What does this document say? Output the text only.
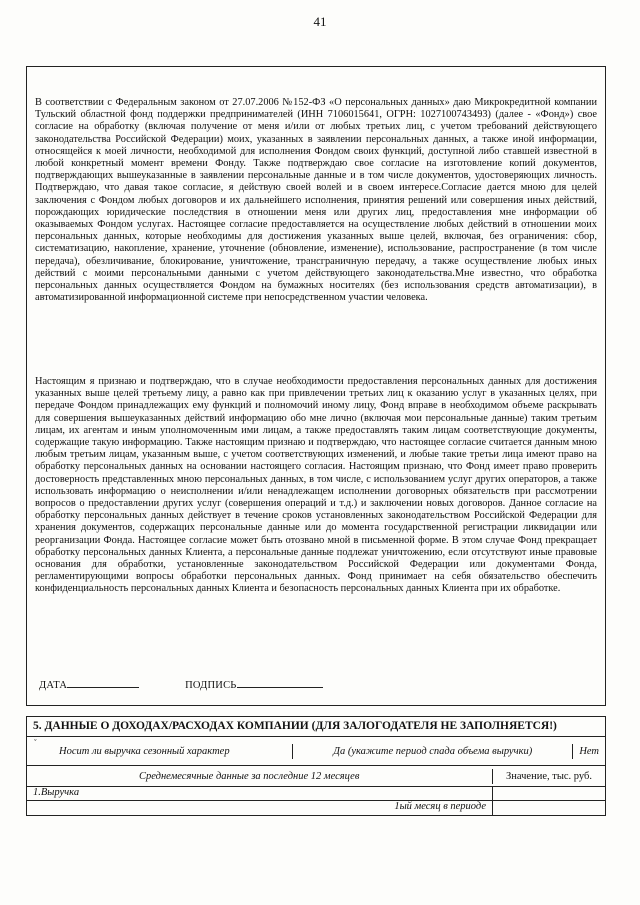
41

В соответствии с Федеральным законом от 27.07.2006 №152-ФЗ «О персональных данных» даю Микрокредитной компании Тульский областной фонд поддержки предпринимателей (ИНН 7106015641, ОГРН: 1027100743493) (далее - «Фонд») свое согласие на обработку (включая получение от меня и/или от любых третьих лиц, с учетом требований действующего законодательства Российской Федерации) моих, указанных в заявлении персональных данных, а также иной информации, относящейся к моей личности, необходимой для исполнения Фондом своих функций, доступной либо ставшей известной в любой конкретный момент времени Фонду. Также подтверждаю свое согласие на изготовление копий документов, подтверждающих вышеуказанные в заявлении персональные данные и в том числе документов, удостоверяющих личность. Подтверждаю, что давая такое согласие, я действую своей волей и в своем интересе.Согласие дается мною для целей заключения с Фондом любых договоров и их дальнейшего исполнения, принятия решений или совершения иных действий, порождающих юридические последствия в отношении меня или других лиц, предоставления мне информации об оказываемых Фондом услугах. Настоящее согласие предоставляется на осуществление любых действий в отношении моих персональных данных, которые необходимы для достижения указанных выше целей, включая, без ограничения: сбор, систематизацию, накопление, хранение, уточнение (обновление, изменение), использование, распространение (в том числе передача), обезличивание, блокирование, уничтожение, трансграничную передачу, а также осуществление любых иных действий с моими персональными данными с учетом действующего законодательства.Мне известно, что обработка персональных данных осуществляется Фондом на бумажных носителях (без использования средств автоматизации), в автоматизированной информационной системе при непосредственном участии человека.

Настоящим я признаю и подтверждаю, что в случае необходимости предоставления персональных данных для достижения указанных выше целей третьему лицу, а равно как при привлечении третьих лиц к оказанию услуг в указанных целях, при передаче Фондом принадлежащих ему функций и полномочий иному лицу, Фонд вправе в необходимом объеме раскрывать для совершения вышеуказанных действий информацию обо мне лично (включая мои персональные данные) таким третьим лицам, их агентам и иным уполномоченным ими лицам, а также предоставлять таким лицам соответствующие документы, содержащие такую информацию. Также настоящим признаю и подтверждаю, что настоящее согласие считается данным мною любым третьим лицам, указанным выше, с учетом соответствующих изменений, и любые такие третьи лица имеют право на обработку персональных данных на основании настоящего согласия. Настоящим признаю, что Фонд имеет право проверить достоверность представленных мною персональных данных, в том числе, с использованием услуг других операторов, а также использовать информацию о неисполнении и/или ненадлежащем исполнении договорных обязательств при рассмотрении вопросов о предоставлении других услуг (совершения операций и т.д.) и заключении новых договоров. Данное согласие на обработку персональных данных действует в течение сроков установленных законодательством Российской Федерации для хранения документов, содержащих персональные данные или до момента государственной регистрации ликвидации или реорганизации Фонда. Настоящее согласие может быть отозвано мной в письменной форме. В этом случае Фонд прекращает обработку персональных данных Клиента, а персональные данные подлежат уничтожению, если отсутствуют иные правовые основания для обработки, установленные законодательством Российской Федерации или документами Фонда, регламентирующими вопросы обработки персональных данных. Фонд принимает на себя обязательство обеспечить конфиденциальность персональных данных Клиента и безопасность персональных данных Клиента при их обработке.

ДАТА	ПОДПИСЬ
5. ДАННЫЕ О ДОХОДАХ/РАСХОДАХ КОМПАНИИ (ДЛЯ ЗАЛОГОДАТЕЛЯ НЕ ЗАПОЛНЯЕТСЯ!)
Носит ли выручка сезонный характер	Да (укажите период спада объема выручки)	Нет
Среднемесячные данные за последние 12 месяцев	Значение, тыс. руб.
1.Выручка
1ый месяц в периоде
ˇ
